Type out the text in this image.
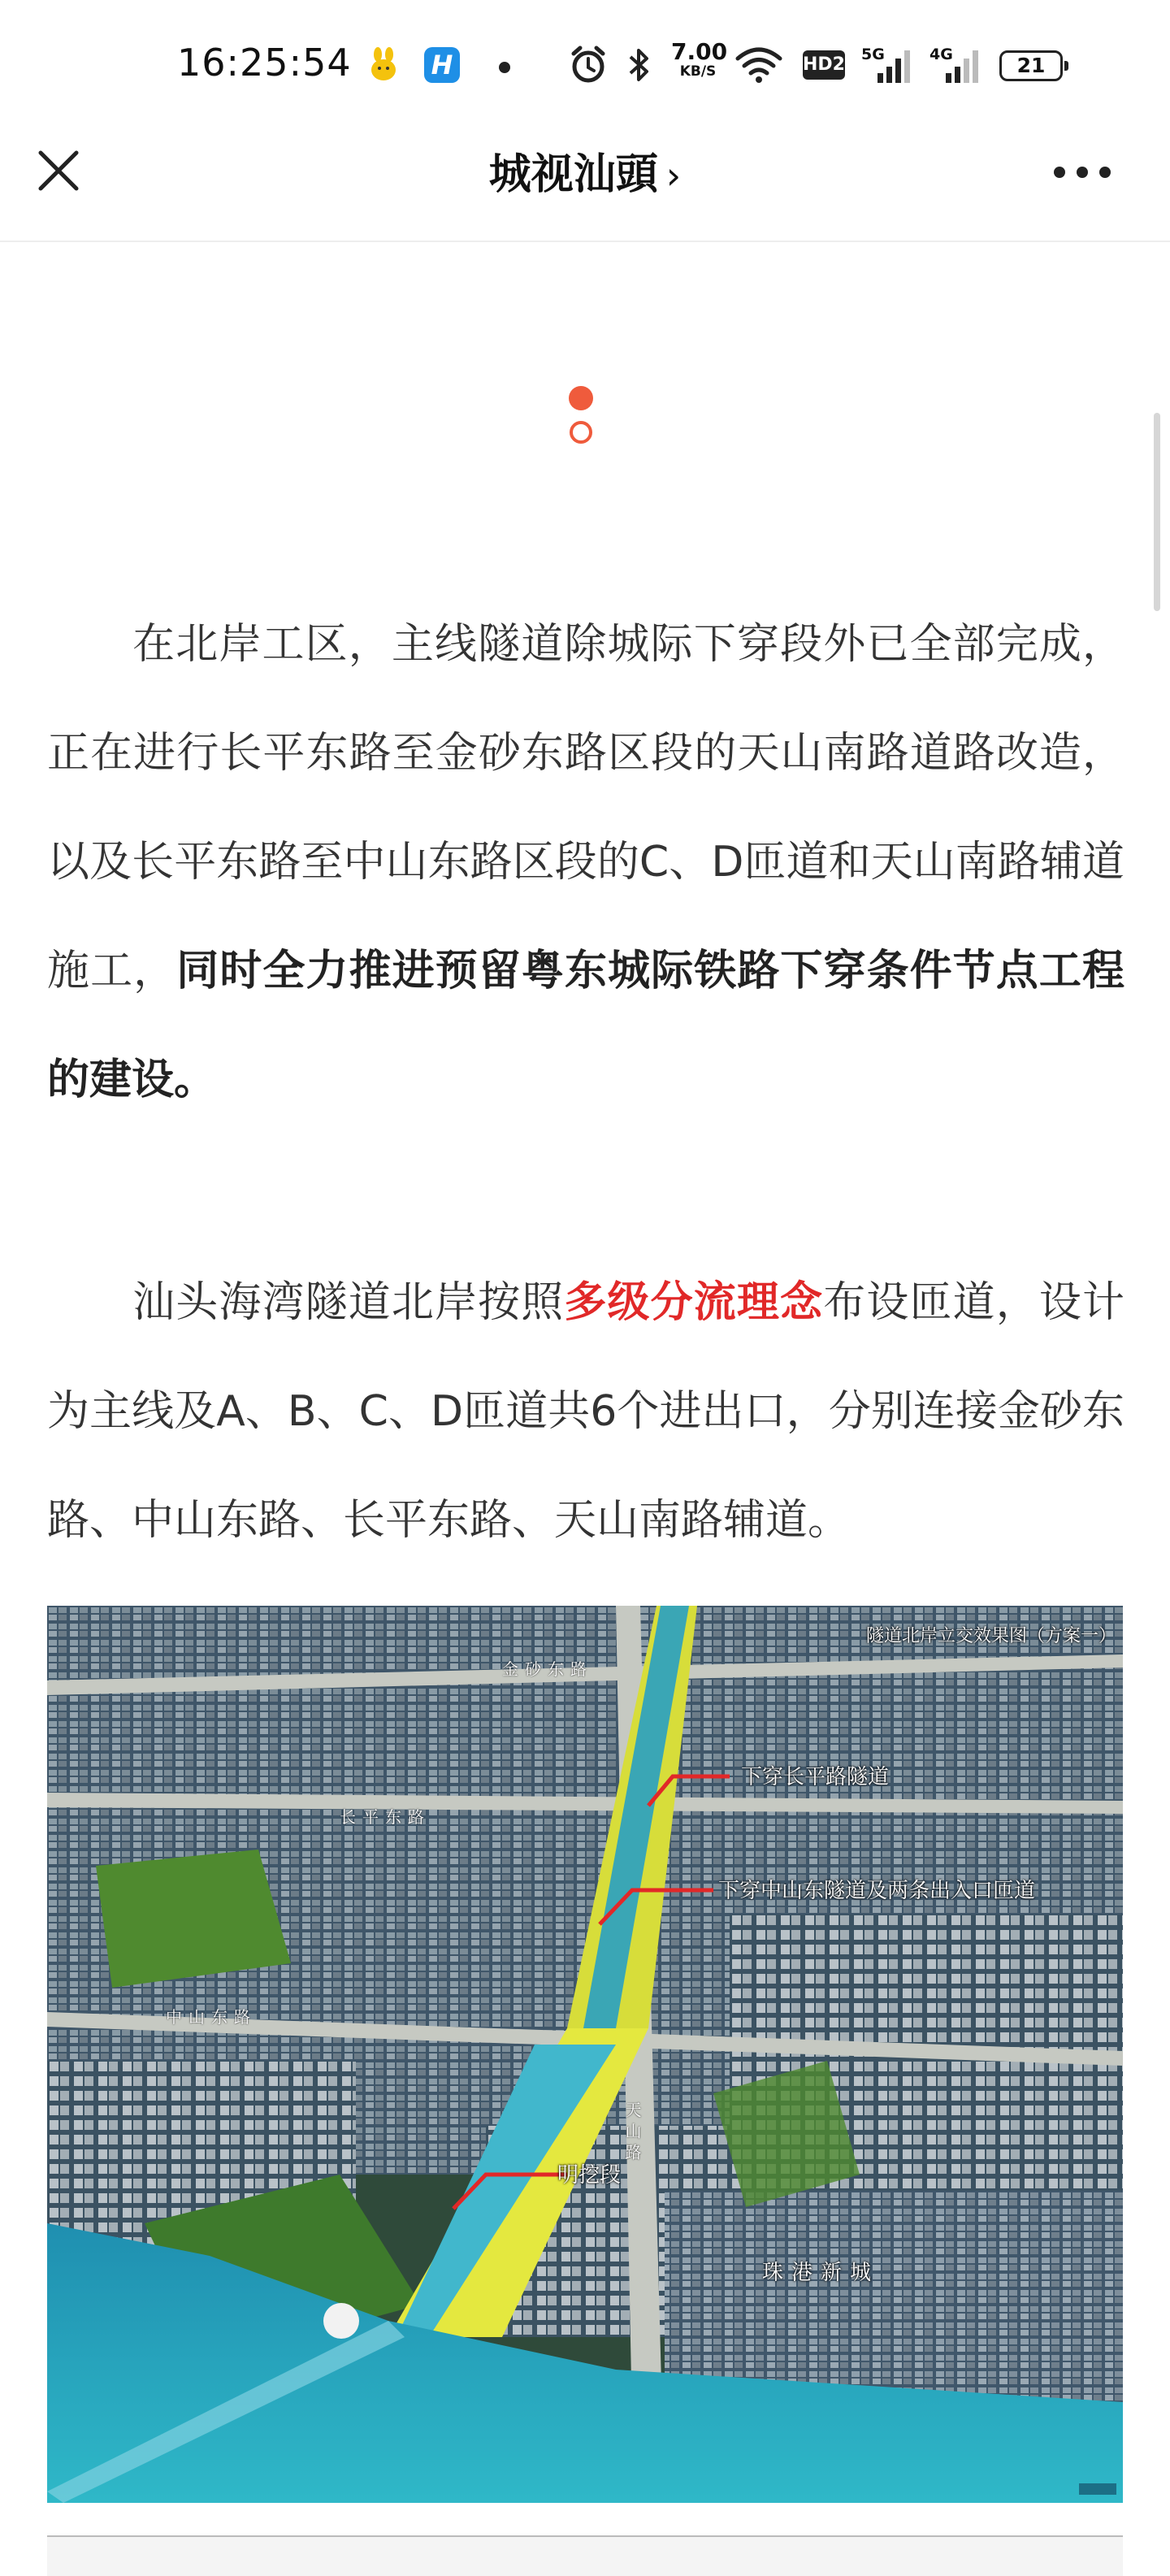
16:25:54	H	7.00
KB/S	HD2 5G	4G	21
城视汕頭 ›

在北岸工区，主线隧道除城际下穿段外已全部完成，正在进行长平东路至金砂东路区段的天山南路道路改造，以及长平东路至中山东路区段的C、D匝道和天山南路辅道施工，同时全力推进预留粤东城际铁路下穿条件节点工程的建设。

汕头海湾隧道北岸按照多级分流理念布设匝道，设计为主线及A、B、C、D匝道共6个进出口，分别连接金砂东路、中山东路、长平东路、天山南路辅道。

隧道北岸立交效果图（方案一）
下穿长平路隧道
下穿中山东隧道及两条出入口匝道
明挖段
金砂东路
长平东路
中山东路
天山路
珠港新城
